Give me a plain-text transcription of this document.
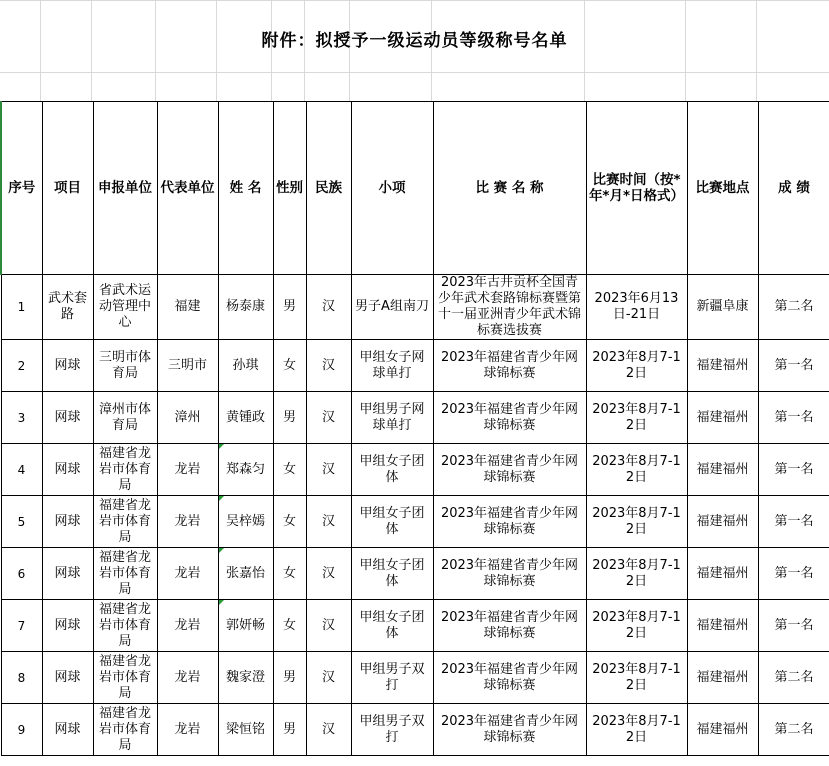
附件：拟授予一级运动员等级称号名单
序号	项目	申报单位	代表单位	姓 名	性别	民族	小项	比 赛 名 称	比赛时间（按*年*月*日格式）	比赛地点	成 绩
1	武术套路	省武术运动管理中心	福建	杨泰康	男	汉	男子A组南刀	2023年古井贡杯全国青少年武术套路锦标赛暨第十一届亚洲青少年武术锦标赛选拔赛	2023年6月13日-21日	新疆阜康	第二名
2	网球	三明市体育局	三明市	孙琪	女	汉	甲组女子网球单打	2023年福建省青少年网球锦标赛	2023年8月7-12日	福建福州	第一名
3	网球	漳州市体育局	漳州	黄锺政	男	汉	甲组男子网球单打	2023年福建省青少年网球锦标赛	2023年8月7-12日	福建福州	第一名
4	网球	福建省龙岩市体育局	龙岩	郑森匀	女	汉	甲组女子团体	2023年福建省青少年网球锦标赛	2023年8月7-12日	福建福州	第一名
5	网球	福建省龙岩市体育局	龙岩	吴梓嫣	女	汉	甲组女子团体	2023年福建省青少年网球锦标赛	2023年8月7-12日	福建福州	第一名
6	网球	福建省龙岩市体育局	龙岩	张嘉怡	女	汉	甲组女子团体	2023年福建省青少年网球锦标赛	2023年8月7-12日	福建福州	第一名
7	网球	福建省龙岩市体育局	龙岩	郭妍畅	女	汉	甲组女子团体	2023年福建省青少年网球锦标赛	2023年8月7-12日	福建福州	第一名
8	网球	福建省龙岩市体育局	龙岩	魏家澄	男	汉	甲组男子双打	2023年福建省青少年网球锦标赛	2023年8月7-12日	福建福州	第二名
9	网球	福建省龙岩市体育局	龙岩	梁恒铭	男	汉	甲组男子双打	2023年福建省青少年网球锦标赛	2023年8月7-12日	福建福州	第二名
